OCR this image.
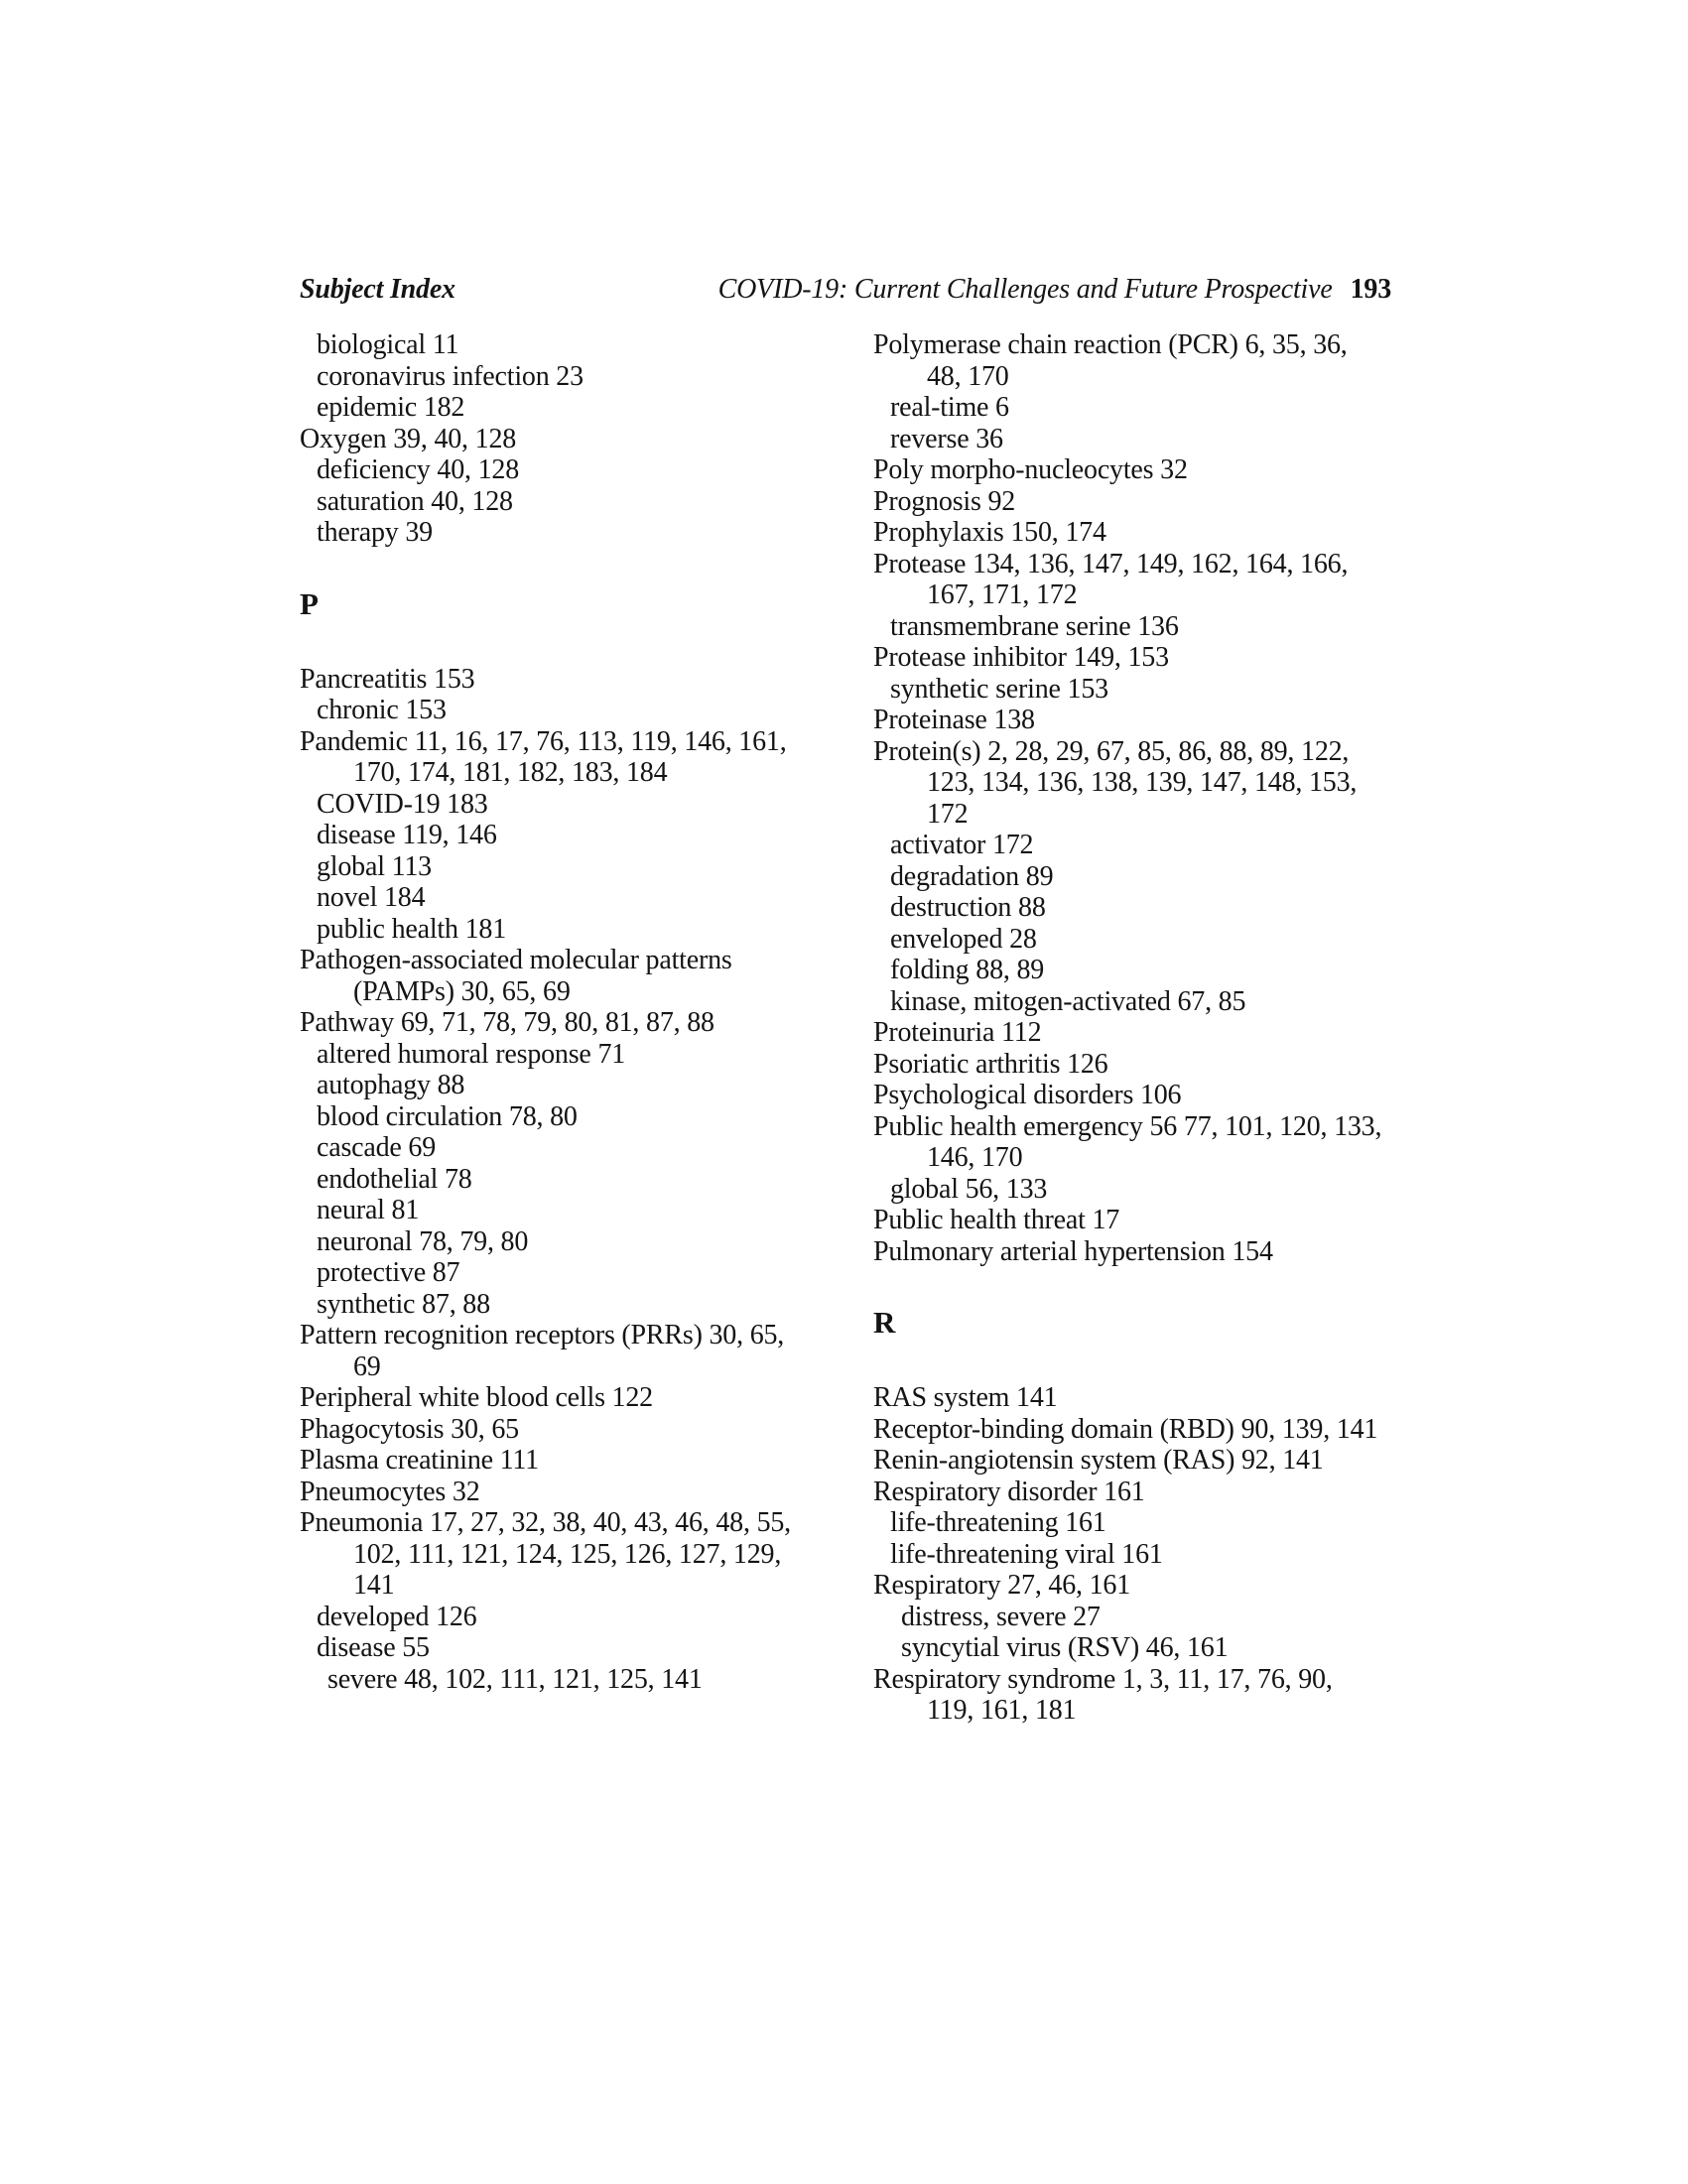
Subject Index	COVID-19: Current Challenges and Future Prospective 193
biological 11
coronavirus infection 23
epidemic 182
Oxygen 39, 40, 128
deficiency 40, 128
saturation 40, 128
therapy 39
P
Pancreatitis 153
chronic 153
Pandemic 11, 16, 17, 76, 113, 119, 146, 161,
170, 174, 181, 182, 183, 184
COVID-19 183
disease 119, 146
global 113
novel 184
public health 181
Pathogen-associated molecular patterns
(PAMPs) 30, 65, 69
Pathway 69, 71, 78, 79, 80, 81, 87, 88
altered humoral response 71
autophagy 88
blood circulation 78, 80
cascade 69
endothelial 78
neural 81
neuronal 78, 79, 80
protective 87
synthetic 87, 88
Pattern recognition receptors (PRRs) 30, 65,
69
Peripheral white blood cells 122
Phagocytosis 30, 65
Plasma creatinine 111
Pneumocytes 32
Pneumonia 17, 27, 32, 38, 40, 43, 46, 48, 55,
102, 111, 121, 124, 125, 126, 127, 129,
141
developed 126
disease 55
severe 48, 102, 111, 121, 125, 141
Polymerase chain reaction (PCR) 6, 35, 36,
48, 170
real-time 6
reverse 36
Poly morpho-nucleocytes 32
Prognosis 92
Prophylaxis 150, 174
Protease 134, 136, 147, 149, 162, 164, 166,
167, 171, 172
transmembrane serine 136
Protease inhibitor 149, 153
synthetic serine 153
Proteinase 138
Protein(s) 2, 28, 29, 67, 85, 86, 88, 89, 122,
123, 134, 136, 138, 139, 147, 148, 153,
172
activator 172
degradation 89
destruction 88
enveloped 28
folding 88, 89
kinase, mitogen-activated 67, 85
Proteinuria 112
Psoriatic arthritis 126
Psychological disorders 106
Public health emergency 56 77, 101, 120, 133,
146, 170
global 56, 133
Public health threat 17
Pulmonary arterial hypertension 154
R
RAS system 141
Receptor-binding domain (RBD) 90, 139, 141
Renin-angiotensin system (RAS) 92, 141
Respiratory disorder 161
life-threatening 161
life-threatening viral 161
Respiratory 27, 46, 161
distress, severe 27
syncytial virus (RSV) 46, 161
Respiratory syndrome 1, 3, 11, 17, 76, 90,
119, 161, 181
